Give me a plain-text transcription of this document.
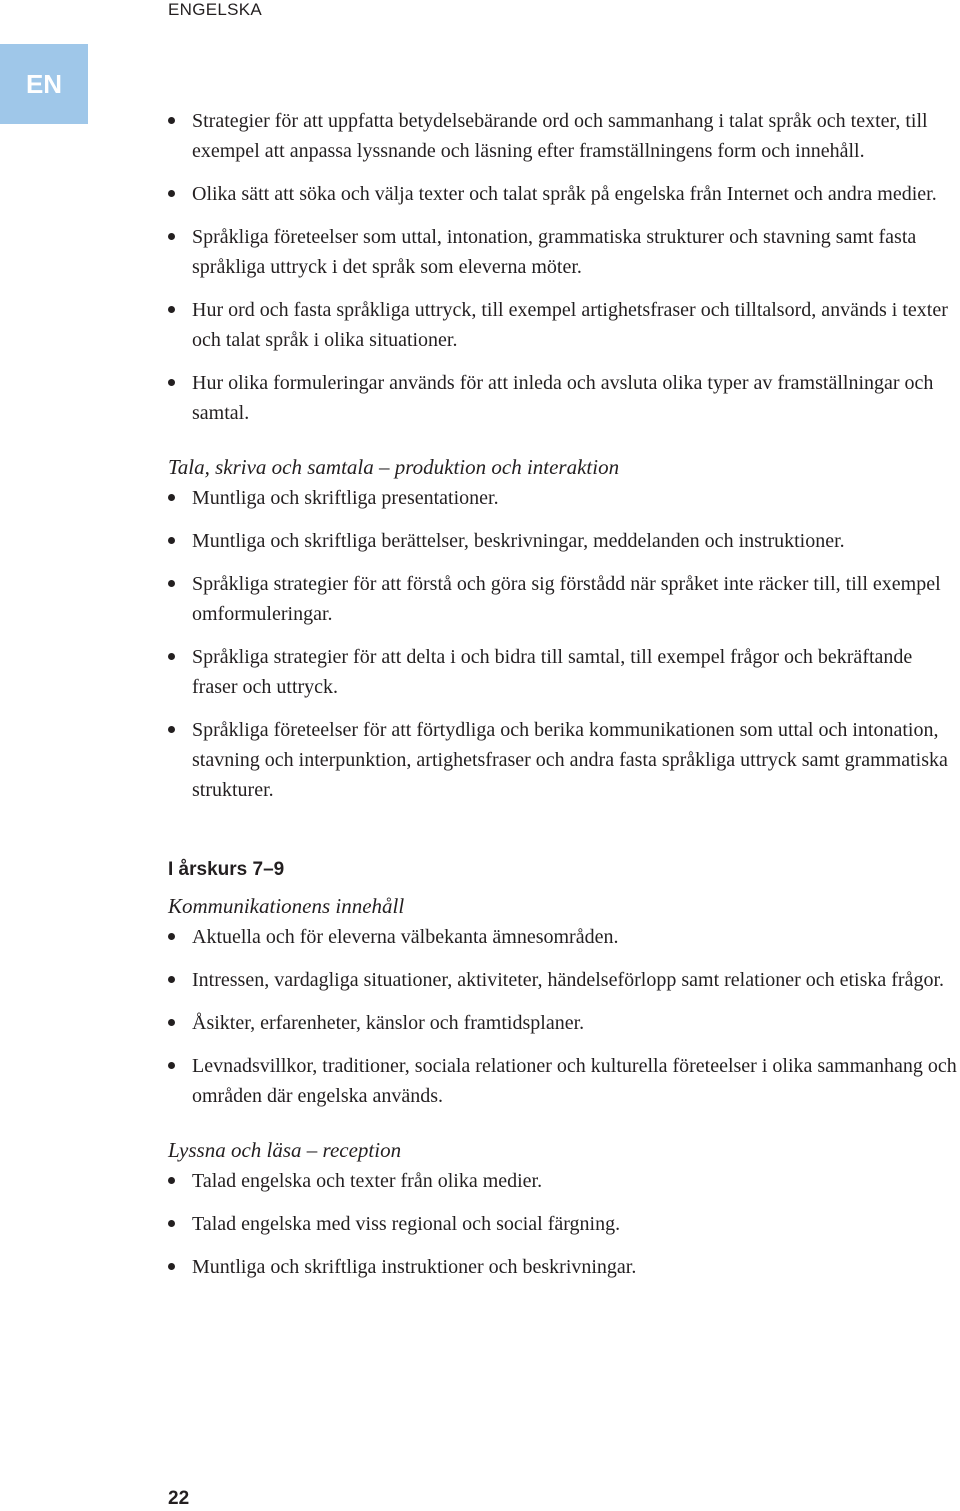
ENGELSKA
EN
Strategier för att uppfatta betydelsebärande ord och sammanhang i talat språk och texter, till exempel att anpassa lyssnande och läsning efter framställningens form och innehåll.
Olika sätt att söka och välja texter och talat språk på engelska från Internet och andra medier.
Språkliga företeelser som uttal, intonation, grammatiska strukturer och stavning samt fasta språkliga uttryck i det språk som eleverna möter.
Hur ord och fasta språkliga uttryck, till exempel artighetsfraser och tilltalsord, används i texter och talat språk i olika situationer.
Hur olika formuleringar används för att inleda och avsluta olika typer av framställningar och samtal.
Tala, skriva och samtala – produktion och interaktion
Muntliga och skriftliga presentationer.
Muntliga och skriftliga berättelser, beskrivningar, meddelanden och instruktioner.
Språkliga strategier för att förstå och göra sig förstådd när språket inte räcker till, till exempel omformuleringar.
Språkliga strategier för att delta i och bidra till samtal, till exempel frågor och bekräftande fraser och uttryck.
Språkliga företeelser för att förtydliga och berika kommunikationen som uttal och intonation, stavning och interpunktion, artighetsfraser och andra fasta språkliga uttryck samt grammatiska strukturer.
I årskurs 7–9
Kommunikationens innehåll
Aktuella och för eleverna välbekanta ämnesområden.
Intressen, vardagliga situationer, aktiviteter, händelseförlopp samt relationer och etiska frågor.
Åsikter, erfarenheter, känslor och framtidsplaner.
Levnadsvillkor, traditioner, sociala relationer och kulturella företeelser i olika sammanhang och områden där engelska används.
Lyssna och läsa – reception
Talad engelska och texter från olika medier.
Talad engelska med viss regional och social färgning.
Muntliga och skriftliga instruktioner och beskrivningar.
22
